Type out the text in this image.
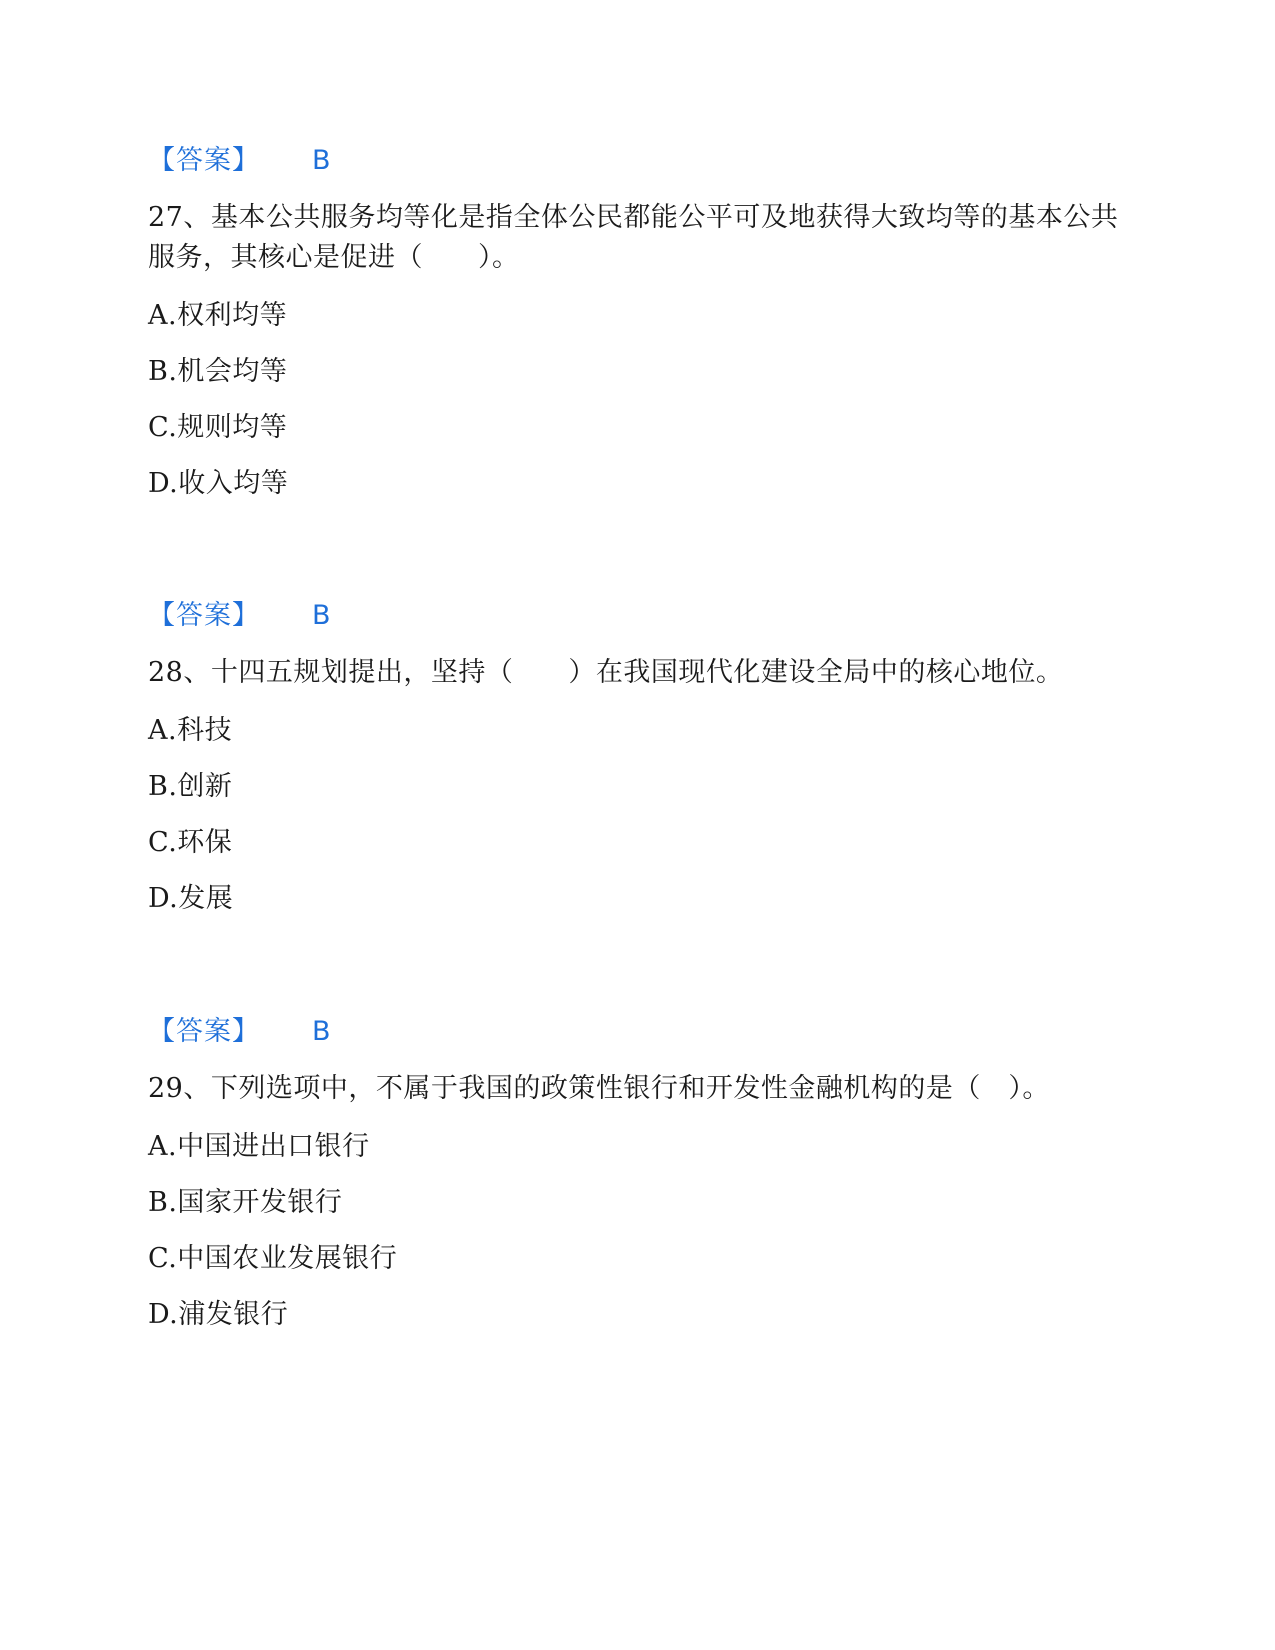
【答案】 B
27、基本公共服务均等化是指全体公民都能公平可及地获得大致均等的基本公共服务，其核心是促进（　　）。
A.权利均等
B.机会均等
C.规则均等
D.收入均等
【答案】 B
28、十四五规划提出，坚持（　　）在我国现代化建设全局中的核心地位。
A.科技
B.创新
C.环保
D.发展
【答案】 B
29、下列选项中，不属于我国的政策性银行和开发性金融机构的是（　）。
A.中国进出口银行
B.国家开发银行
C.中国农业发展银行
D.浦发银行
